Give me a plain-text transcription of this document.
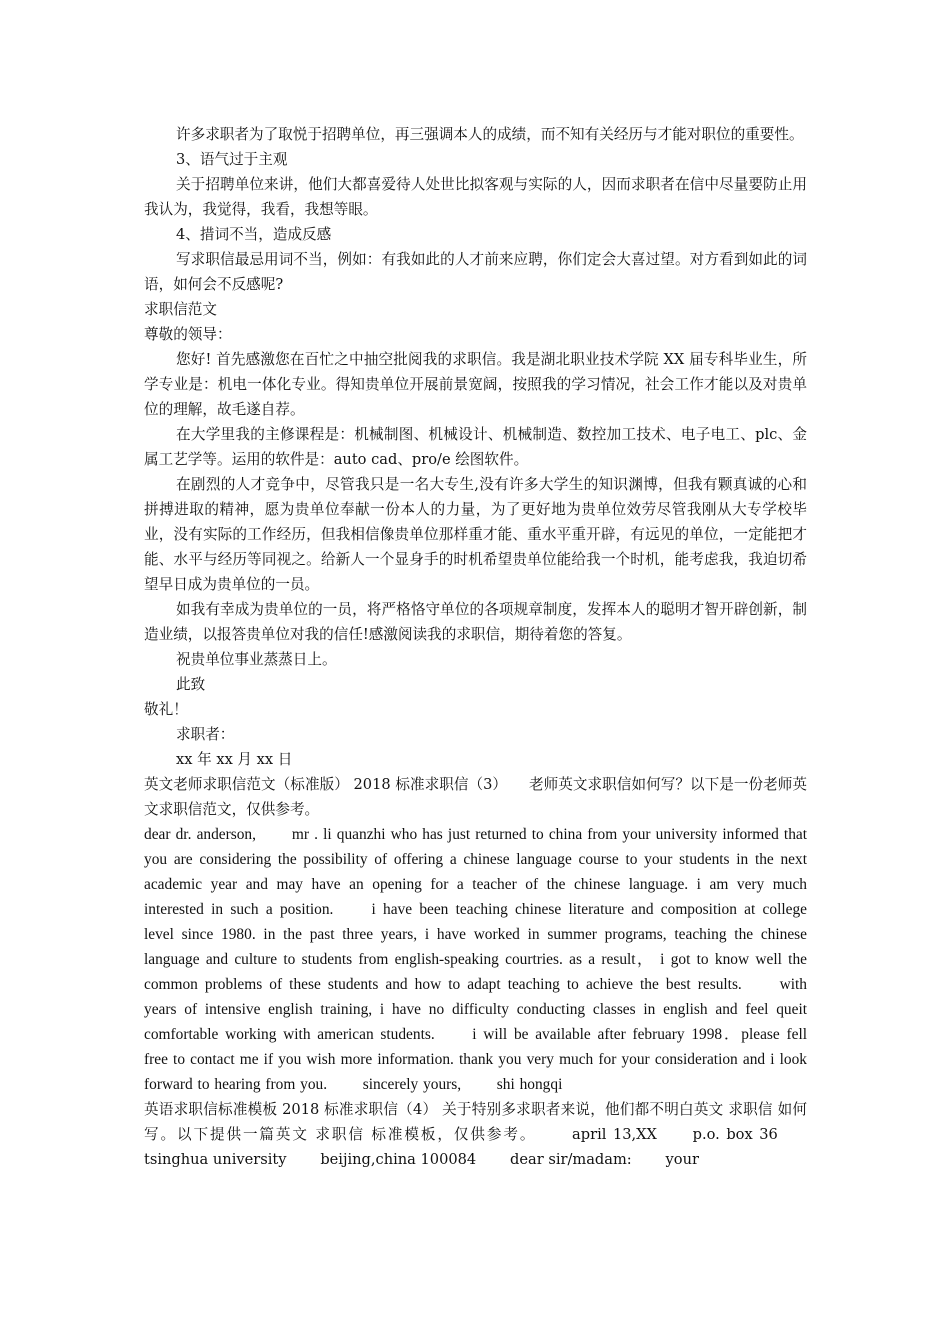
许多求职者为了取悦于招聘单位，再三强调本人的成绩，而不知有关经历与才能对职位的重要性。

3、语气过于主观

关于招聘单位来讲，他们大都喜爱待人处世比拟客观与实际的人，因而求职者在信中尽量要防止用我认为，我觉得，我看，我想等眼。

4、措词不当，造成反感

写求职信最忌用词不当，例如：有我如此的人才前来应聘，你们定会大喜过望。对方看到如此的词语，如何会不反感呢?

求职信范文

尊敬的领导：

您好! 首先感激您在百忙之中抽空批阅我的求职信。我是湖北职业技术学院 XX 届专科毕业生，所学专业是：机电一体化专业。得知贵单位开展前景宽阔，按照我的学习情况，社会工作才能以及对贵单位的理解，故毛遂自荐。

在大学里我的主修课程是：机械制图、机械设计、机械制造、数控加工技术、电子电工、plc、金属工艺学等。运用的软件是：auto cad、pro/e 绘图软件。

在剧烈的人才竞争中，尽管我只是一名大专生,没有许多大学生的知识渊博，但我有颗真诚的心和拼搏进取的精神，愿为贵单位奉献一份本人的力量，为了更好地为贵单位效劳尽管我刚从大专学校毕业，没有实际的工作经历，但我相信像贵单位那样重才能、重水平重开辟，有远见的单位，一定能把才能、水平与经历等同视之。给新人一个显身手的时机希望贵单位能给我一个时机，能考虑我，我迫切希望早日成为贵单位的一员。

如我有幸成为贵单位的一员，将严格恪守单位的各项规章制度，发挥本人的聪明才智开辟创新，制造业绩，以报答贵单位对我的信任!感激阅读我的求职信，期待着您的答复。

祝贵单位事业蒸蒸日上。

此致

敬礼！

求职者：

xx 年 xx 月 xx 日

英文老师求职信范文（标准版） 2018 标准求职信（3）　　老师英文求职信如何写？以下是一份老师英文求职信范文，仅供参考。

dear dr. anderson,   mr . li quanzhi who has just returned to china from your university informed that you are considering the possibility of offering a chinese language course to your students in the next academic year and may have an opening for a teacher of the chinese language. i am very much interested in such a position.   i have been teaching chinese literature and composition at college level since 1980. in the past three years, i have worked in summer programs, teaching the chinese language and culture to students from english-speaking courtries. as a result， i got to know well the common problems of these students and how to adapt teaching to achieve the best results.   with years of intensive english training, i have no difficulty conducting classes in english and feel queit comfortable working with american students.   i will be available after february 1998．please fell free to contact me if you wish more information. thank you very much for your consideration and i look forward to hearing from you.   sincerely yours,   shi hongqi

英语求职信标准模板 2018 标准求职信（4） 关于特别多求职者来说，他们都不明白英文 求职信 如何写。以下提供一篇英文 求职信 标准模板，仅供参考。   april 13,XX   p.o. box 36   tsinghua university   beijing,china 100084   dear sir/madam:   your
